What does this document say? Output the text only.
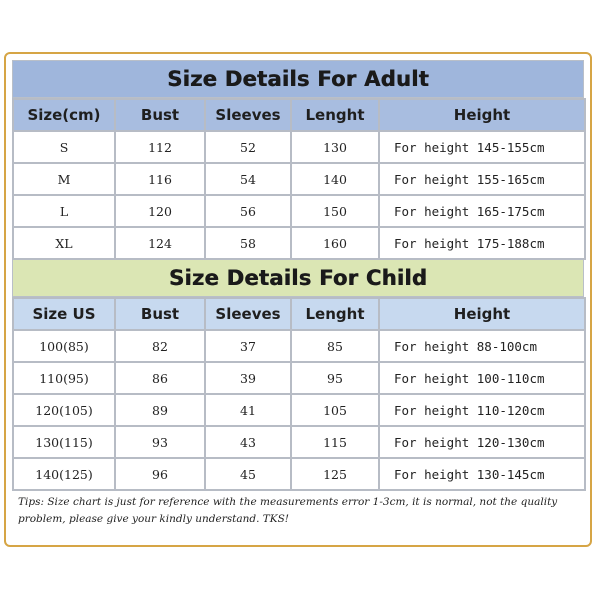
Size Details For Adult
Size(cm)	Bust	Sleeves	Lenght	Height
S	112	52	130	For height 145-155cm
M	116	54	140	For height 155-165cm
L	120	56	150	For height 165-175cm
XL	124	58	160	For height 175-188cm
Size Details For Child
Size US	Bust	Sleeves	Lenght	Height
100(85)	82	37	85	For height 88-100cm
110(95)	86	39	95	For height 100-110cm
120(105)	89	41	105	For height 110-120cm
130(115)	93	43	115	For height 120-130cm
140(125)	96	45	125	For height 130-145cm
Tips: Size chart is just for reference with the measurements error 1-3cm, it is normal, not the quality problem, please give your kindly understand. TKS!
